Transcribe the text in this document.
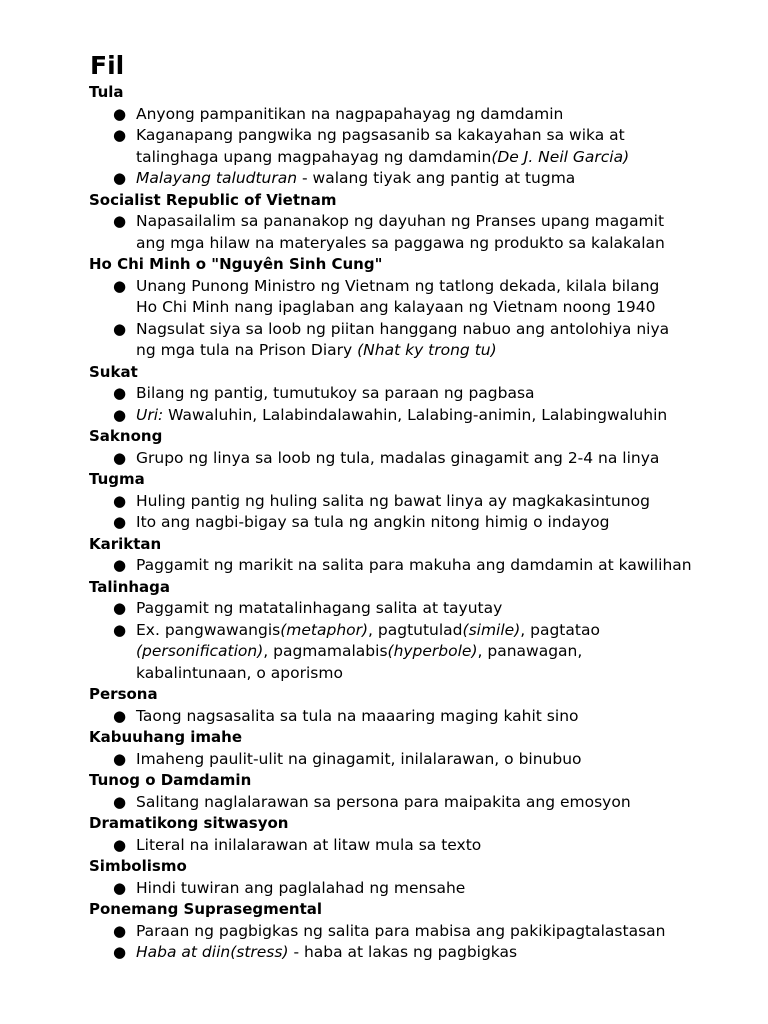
Fil
Tula
● Anyong pampanitikan na nagpapahayag ng damdamin
● Kaganapang pangwika ng pagsasanib sa kakayahan sa wika at
talinghaga upang magpahayag ng damdamin(De J. Neil Garcia)
● Malayang taludturan - walang tiyak ang pantig at tugma
Socialist Republic of Vietnam
● Napasailalim sa pananakop ng dayuhan ng Pranses upang magamit
ang mga hilaw na materyales sa paggawa ng produkto sa kalakalan
Ho Chi Minh o "Nguyên Sinh Cung"
● Unang Punong Ministro ng Vietnam ng tatlong dekada, kilala bilang
Ho Chi Minh nang ipaglaban ang kalayaan ng Vietnam noong 1940
● Nagsulat siya sa loob ng piitan hanggang nabuo ang antolohiya niya
ng mga tula na Prison Diary (Nhat ky trong tu)
Sukat
● Bilang ng pantig, tumutukoy sa paraan ng pagbasa
● Uri: Wawaluhin, Lalabindalawahin, Lalabing-animin, Lalabingwaluhin
Saknong
● Grupo ng linya sa loob ng tula, madalas ginagamit ang 2-4 na linya
Tugma
● Huling pantig ng huling salita ng bawat linya ay magkakasintunog
● Ito ang nagbi-bigay sa tula ng angkin nitong himig o indayog
Kariktan
● Paggamit ng marikit na salita para makuha ang damdamin at kawilihan
Talinhaga
● Paggamit ng matatalinhagang salita at tayutay
● Ex. pangwawangis(metaphor), pagtutulad(simile), pagtatao
(personification), pagmamalabis(hyperbole), panawagan,
kabalintunaan, o aporismo
Persona
● Taong nagsasalita sa tula na maaaring maging kahit sino
Kabuuhang imahe
● Imaheng paulit-ulit na ginagamit, inilalarawan, o binubuo
Tunog o Damdamin
● Salitang naglalarawan sa persona para maipakita ang emosyon
Dramatikong sitwasyon
● Literal na inilalarawan at litaw mula sa texto
Simbolismo
● Hindi tuwiran ang paglalahad ng mensahe
Ponemang Suprasegmental
● Paraan ng pagbigkas ng salita para mabisa ang pakikipagtalastasan
● Haba at diin(stress) - haba at lakas ng pagbigkas
